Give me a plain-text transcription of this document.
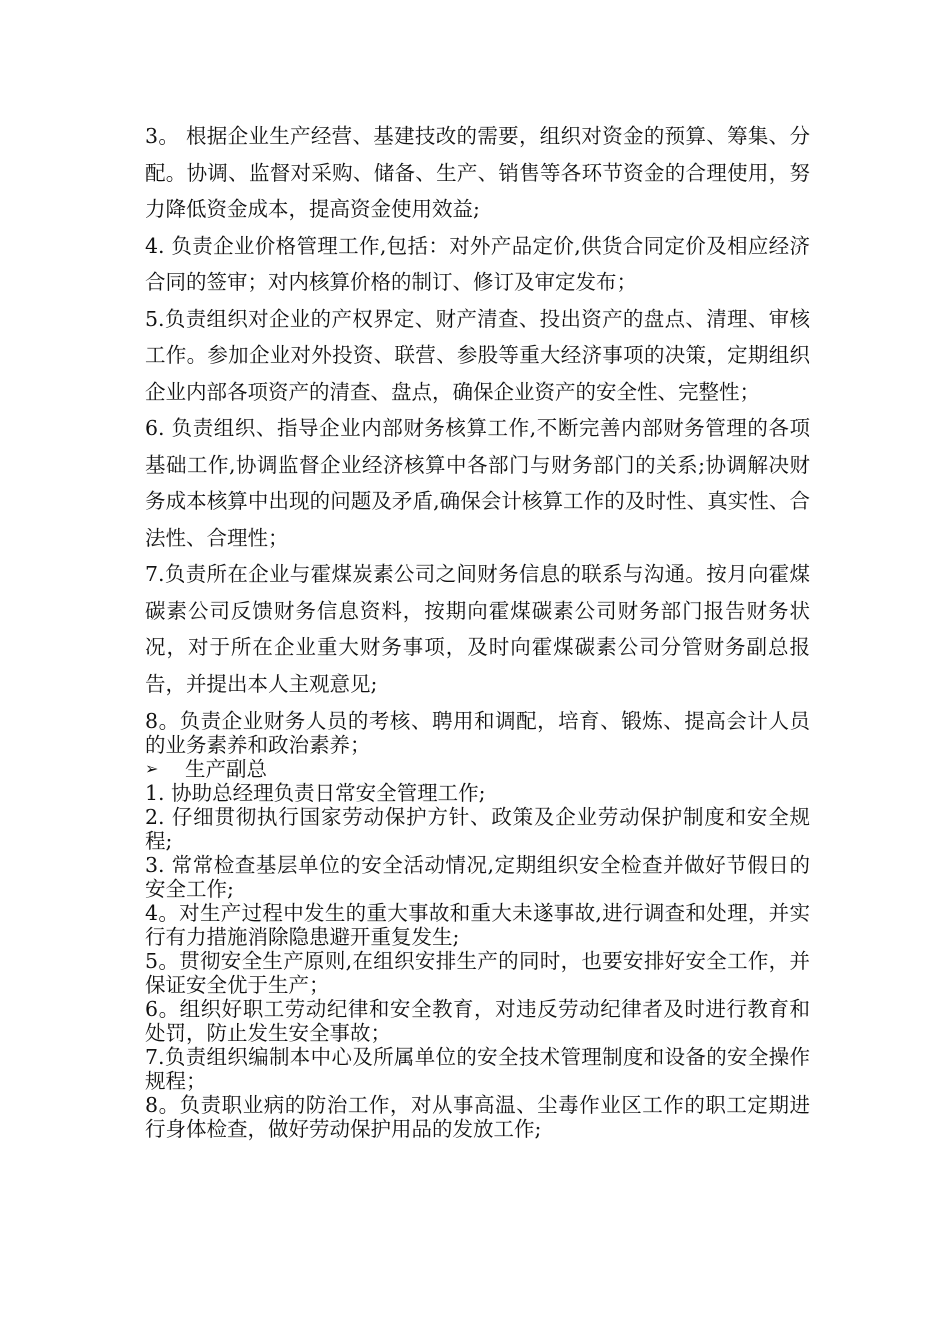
3。 根据企业生产经营、基建技改的需要，组织对资金的预算、筹集、分配。协调、监督对采购、储备、生产、销售等各环节资金的合理使用，努力降低资金成本，提高资金使用效益;

4. 负责企业价格管理工作,包括：对外产品定价,供货合同定价及相应经济合同的签审；对内核算价格的制订、修订及审定发布；

5.负责组织对企业的产权界定、财产清查、投出资产的盘点、清理、审核工作。参加企业对外投资、联营、参股等重大经济事项的决策，定期组织企业内部各项资产的清查、盘点，确保企业资产的安全性、完整性；

6. 负责组织、指导企业内部财务核算工作,不断完善内部财务管理的各项基础工作,协调监督企业经济核算中各部门与财务部门的关系;协调解决财务成本核算中出现的问题及矛盾,确保会计核算工作的及时性、真实性、合法性、合理性；

7.负责所在企业与霍煤炭素公司之间财务信息的联系与沟通。按月向霍煤碳素公司反馈财务信息资料，按期向霍煤碳素公司财务部门报告财务状况，对于所在企业重大财务事项，及时向霍煤碳素公司分管财务副总报告，并提出本人主观意见;

8。负责企业财务人员的考核、聘用和调配，培育、锻炼、提高会计人员的业务素养和政治素养；

➢	生产副总

1. 协助总经理负责日常安全管理工作;

2. 仔细贯彻执行国家劳动保护方针、政策及企业劳动保护制度和安全规程;

3. 常常检查基层单位的安全活动情况,定期组织安全检查并做好节假日的安全工作;

4。对生产过程中发生的重大事故和重大未遂事故,进行调查和处理，并实行有力措施消除隐患避开重复发生;

5。贯彻安全生产原则,在组织安排生产的同时，也要安排好安全工作，并保证安全优于生产；

6。组织好职工劳动纪律和安全教育，对违反劳动纪律者及时进行教育和处罚，防止发生安全事故；

7.负责组织编制本中心及所属单位的安全技术管理制度和设备的安全操作规程；

8。负责职业病的防治工作，对从事高温、尘毒作业区工作的职工定期进行身体检查，做好劳动保护用品的发放工作;
